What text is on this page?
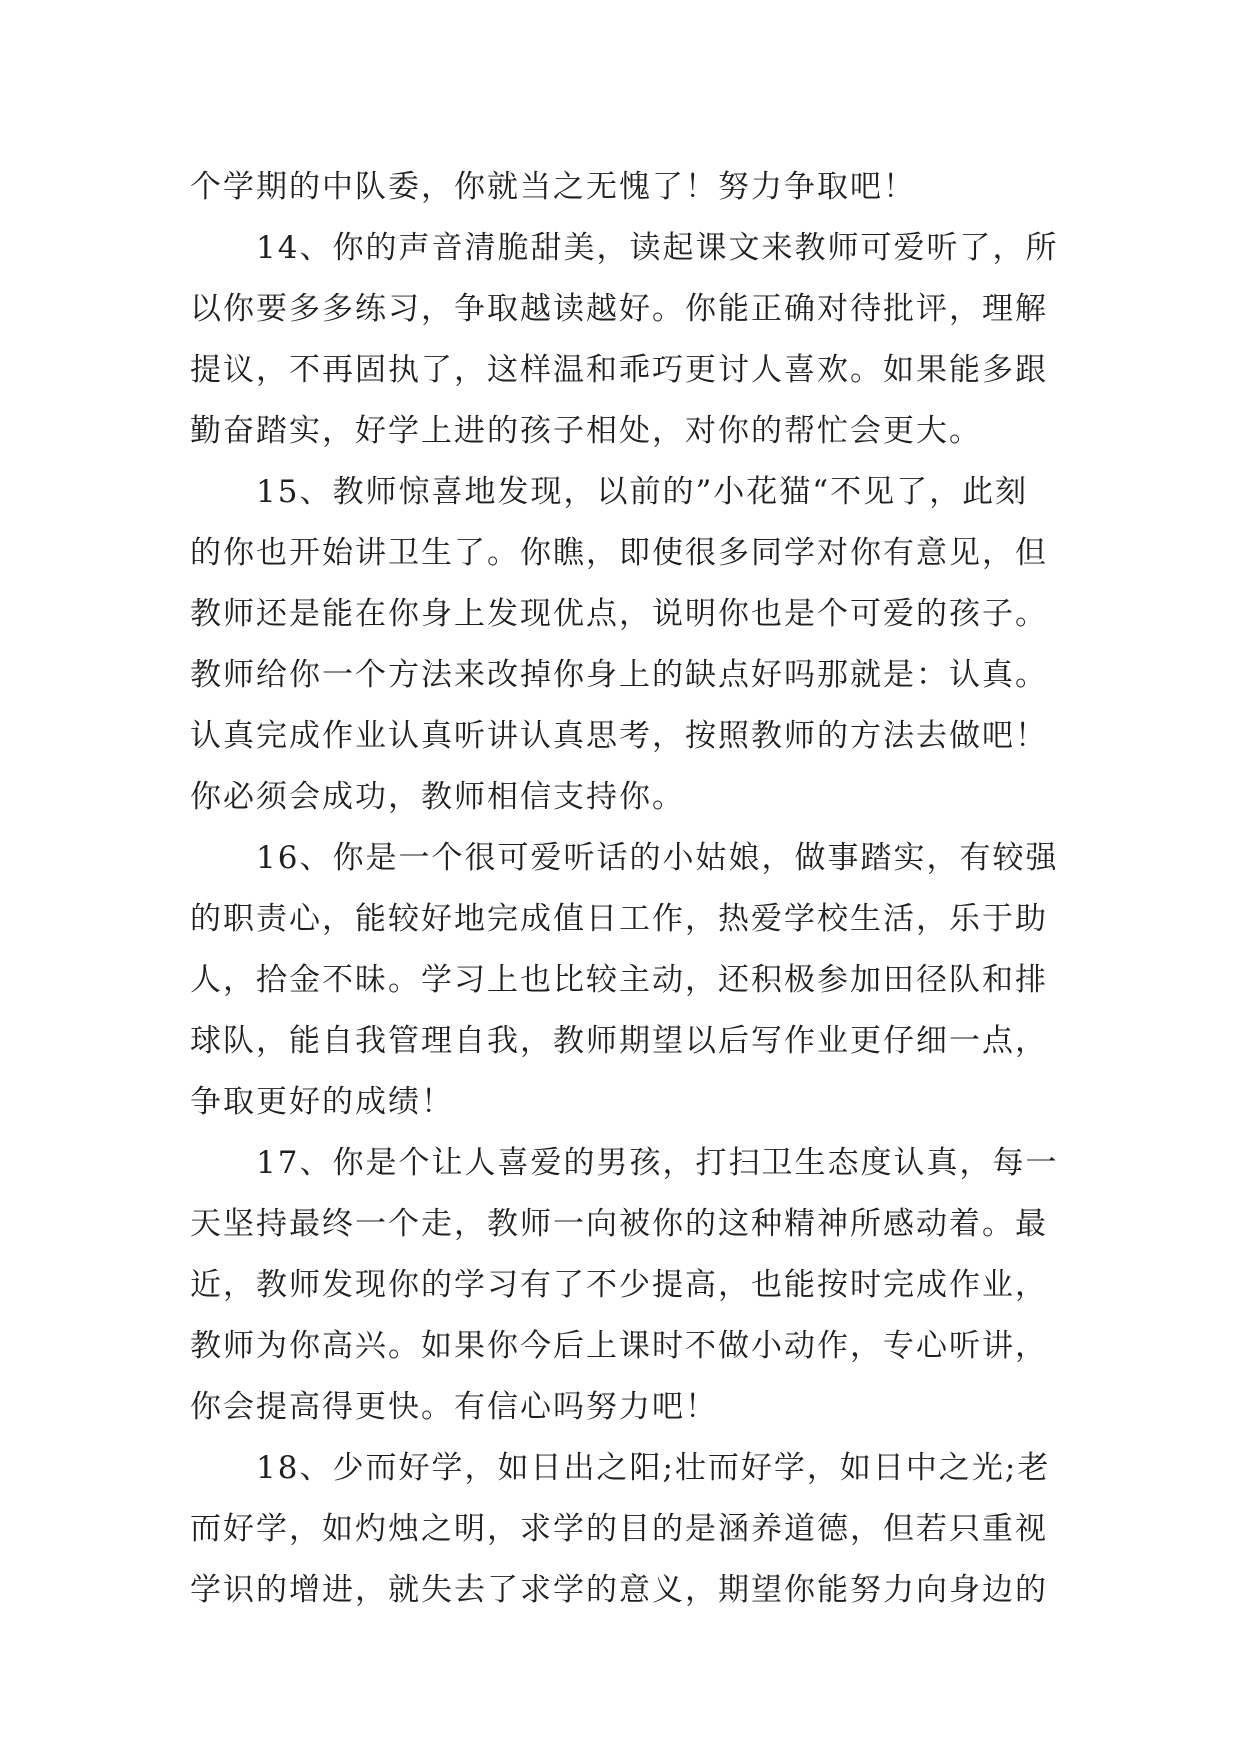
个学期的中队委，你就当之无愧了！努力争取吧！
14、你的声音清脆甜美，读起课文来教师可爱听了，所
以你要多多练习，争取越读越好。你能正确对待批评，理解
提议，不再固执了，这样温和乖巧更讨人喜欢。如果能多跟
勤奋踏实，好学上进的孩子相处，对你的帮忙会更大。
15、教师惊喜地发现，以前的”小花猫“不见了，此刻
的你也开始讲卫生了。你瞧，即使很多同学对你有意见，但
教师还是能在你身上发现优点，说明你也是个可爱的孩子。
教师给你一个方法来改掉你身上的缺点好吗那就是：认真。
认真完成作业认真听讲认真思考，按照教师的方法去做吧！
你必须会成功，教师相信支持你。
16、你是一个很可爱听话的小姑娘，做事踏实，有较强
的职责心，能较好地完成值日工作，热爱学校生活，乐于助
人，拾金不昧。学习上也比较主动，还积极参加田径队和排
球队，能自我管理自我，教师期望以后写作业更仔细一点，
争取更好的成绩！
17、你是个让人喜爱的男孩，打扫卫生态度认真，每一
天坚持最终一个走，教师一向被你的这种精神所感动着。最
近，教师发现你的学习有了不少提高，也能按时完成作业，
教师为你高兴。如果你今后上课时不做小动作，专心听讲，
你会提高得更快。有信心吗努力吧！
18、少而好学，如日出之阳;壮而好学，如日中之光;老
而好学，如灼烛之明，求学的目的是涵养道德，但若只重视
学识的增进，就失去了求学的意义，期望你能努力向身边的
